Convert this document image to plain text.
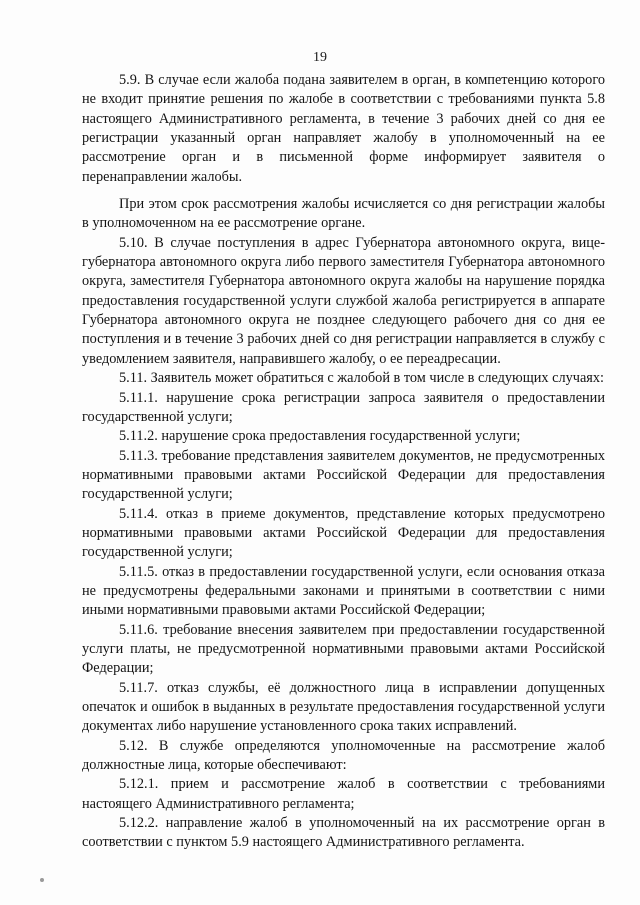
19

5.9. В случае если жалоба подана заявителем в орган, в компетенцию которого не входит принятие решения по жалобе в соответствии с требованиями пункта 5.8 настоящего Административного регламента, в течение 3 рабочих дней со дня ее регистрации указанный орган направляет жалобу в уполномоченный на ее рассмотрение орган и в письменной форме информирует заявителя о перенаправлении жалобы.

При этом срок рассмотрения жалобы исчисляется со дня регистрации жалобы в уполномоченном на ее рассмотрение органе.

5.10. В случае поступления в адрес Губернатора автономного округа, вице-губернатора автономного округа либо первого заместителя Губернатора автономного округа, заместителя Губернатора автономного округа жалобы на нарушение порядка предоставления государственной услуги службой жалоба регистрируется в аппарате Губернатора автономного округа не позднее следующего рабочего дня со дня ее поступления и в течение 3 рабочих дней со дня регистрации направляется в службу с уведомлением заявителя, направившего жалобу, о ее переадресации.

5.11. Заявитель может обратиться с жалобой в том числе в следующих случаях:

5.11.1. нарушение срока регистрации запроса заявителя о предоставлении государственной услуги;

5.11.2. нарушение срока предоставления государственной услуги;

5.11.3. требование представления заявителем документов, не предусмотренных нормативными правовыми актами Российской Федерации для предоставления государственной услуги;

5.11.4. отказ в приеме документов, представление которых предусмотрено нормативными правовыми актами Российской Федерации для предоставления государственной услуги;

5.11.5. отказ в предоставлении государственной услуги, если основания отказа не предусмотрены федеральными законами и принятыми в соответствии с ними иными нормативными правовыми актами Российской Федерации;

5.11.6. требование внесения заявителем при предоставлении государственной услуги платы, не предусмотренной нормативными правовыми актами Российской Федерации;

5.11.7. отказ службы, её должностного лица в исправлении допущенных опечаток и ошибок в выданных в результате предоставления государственной услуги документах либо нарушение установленного срока таких исправлений.

5.12. В службе определяются уполномоченные на рассмотрение жалоб должностные лица, которые обеспечивают:

5.12.1. прием и рассмотрение жалоб в соответствии с требованиями настоящего Административного регламента;

5.12.2. направление жалоб в уполномоченный на их рассмотрение орган в соответствии с пунктом 5.9 настоящего Административного регламента.
